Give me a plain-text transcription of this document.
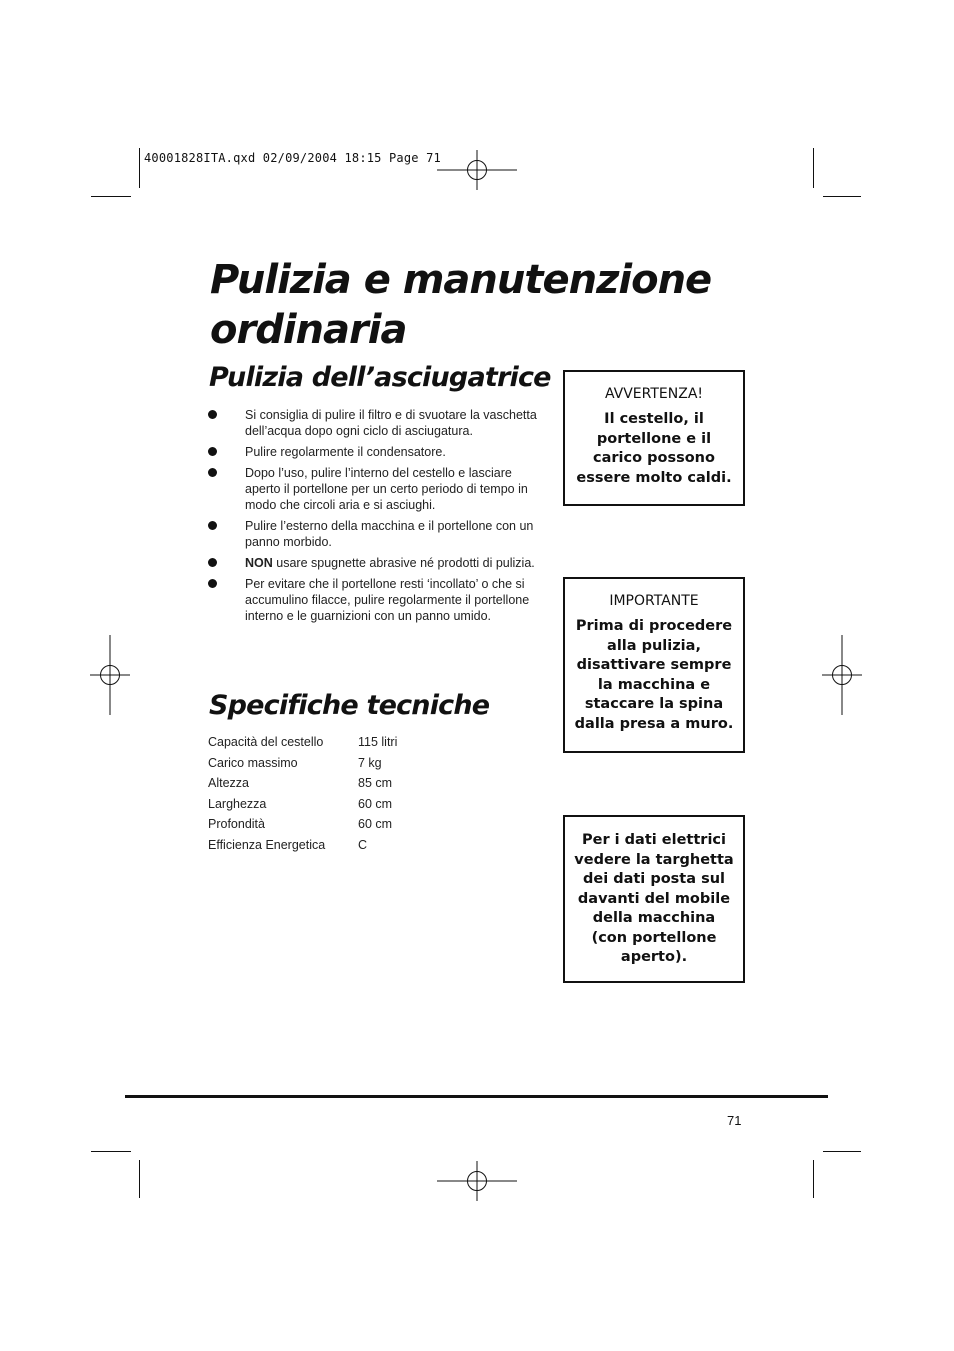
40001828ITA.qxd 02/09/2004 18:15 Page 71
Pulizia e manutenzione ordinaria
Pulizia dell’asciugatrice
Si consiglia di pulire il filtro e di svuotare la vaschetta dell’acqua dopo ogni ciclo di asciugatura.
Pulire regolarmente il condensatore.
Dopo l’uso, pulire l’interno del cestello e lasciare aperto il portellone per un certo periodo di tempo in modo che circoli aria e si asciughi.
Pulire l’esterno della macchina e il portellone con un panno morbido.
NON usare spugnette abrasive né prodotti di pulizia.
Per evitare che il portellone resti ‘incollato’ o che si accumulino filacce, pulire regolarmente il portellone interno e le guarnizioni con un panno umido.
Specifiche tecniche
Capacità del cestello	115 litri
Carico massimo	7 kg
Altezza	85 cm
Larghezza	60 cm
Profondità	60 cm
Efficienza Energetica	C
AVVERTENZA!
Il cestello, il portellone e il carico possono essere molto caldi.
IMPORTANTE
Prima di procedere alla pulizia, disattivare sempre la macchina e staccare la spina dalla presa a muro.
Per i dati elettrici vedere la targhetta dei dati posta sul davanti del mobile della macchina (con portellone aperto).
71
